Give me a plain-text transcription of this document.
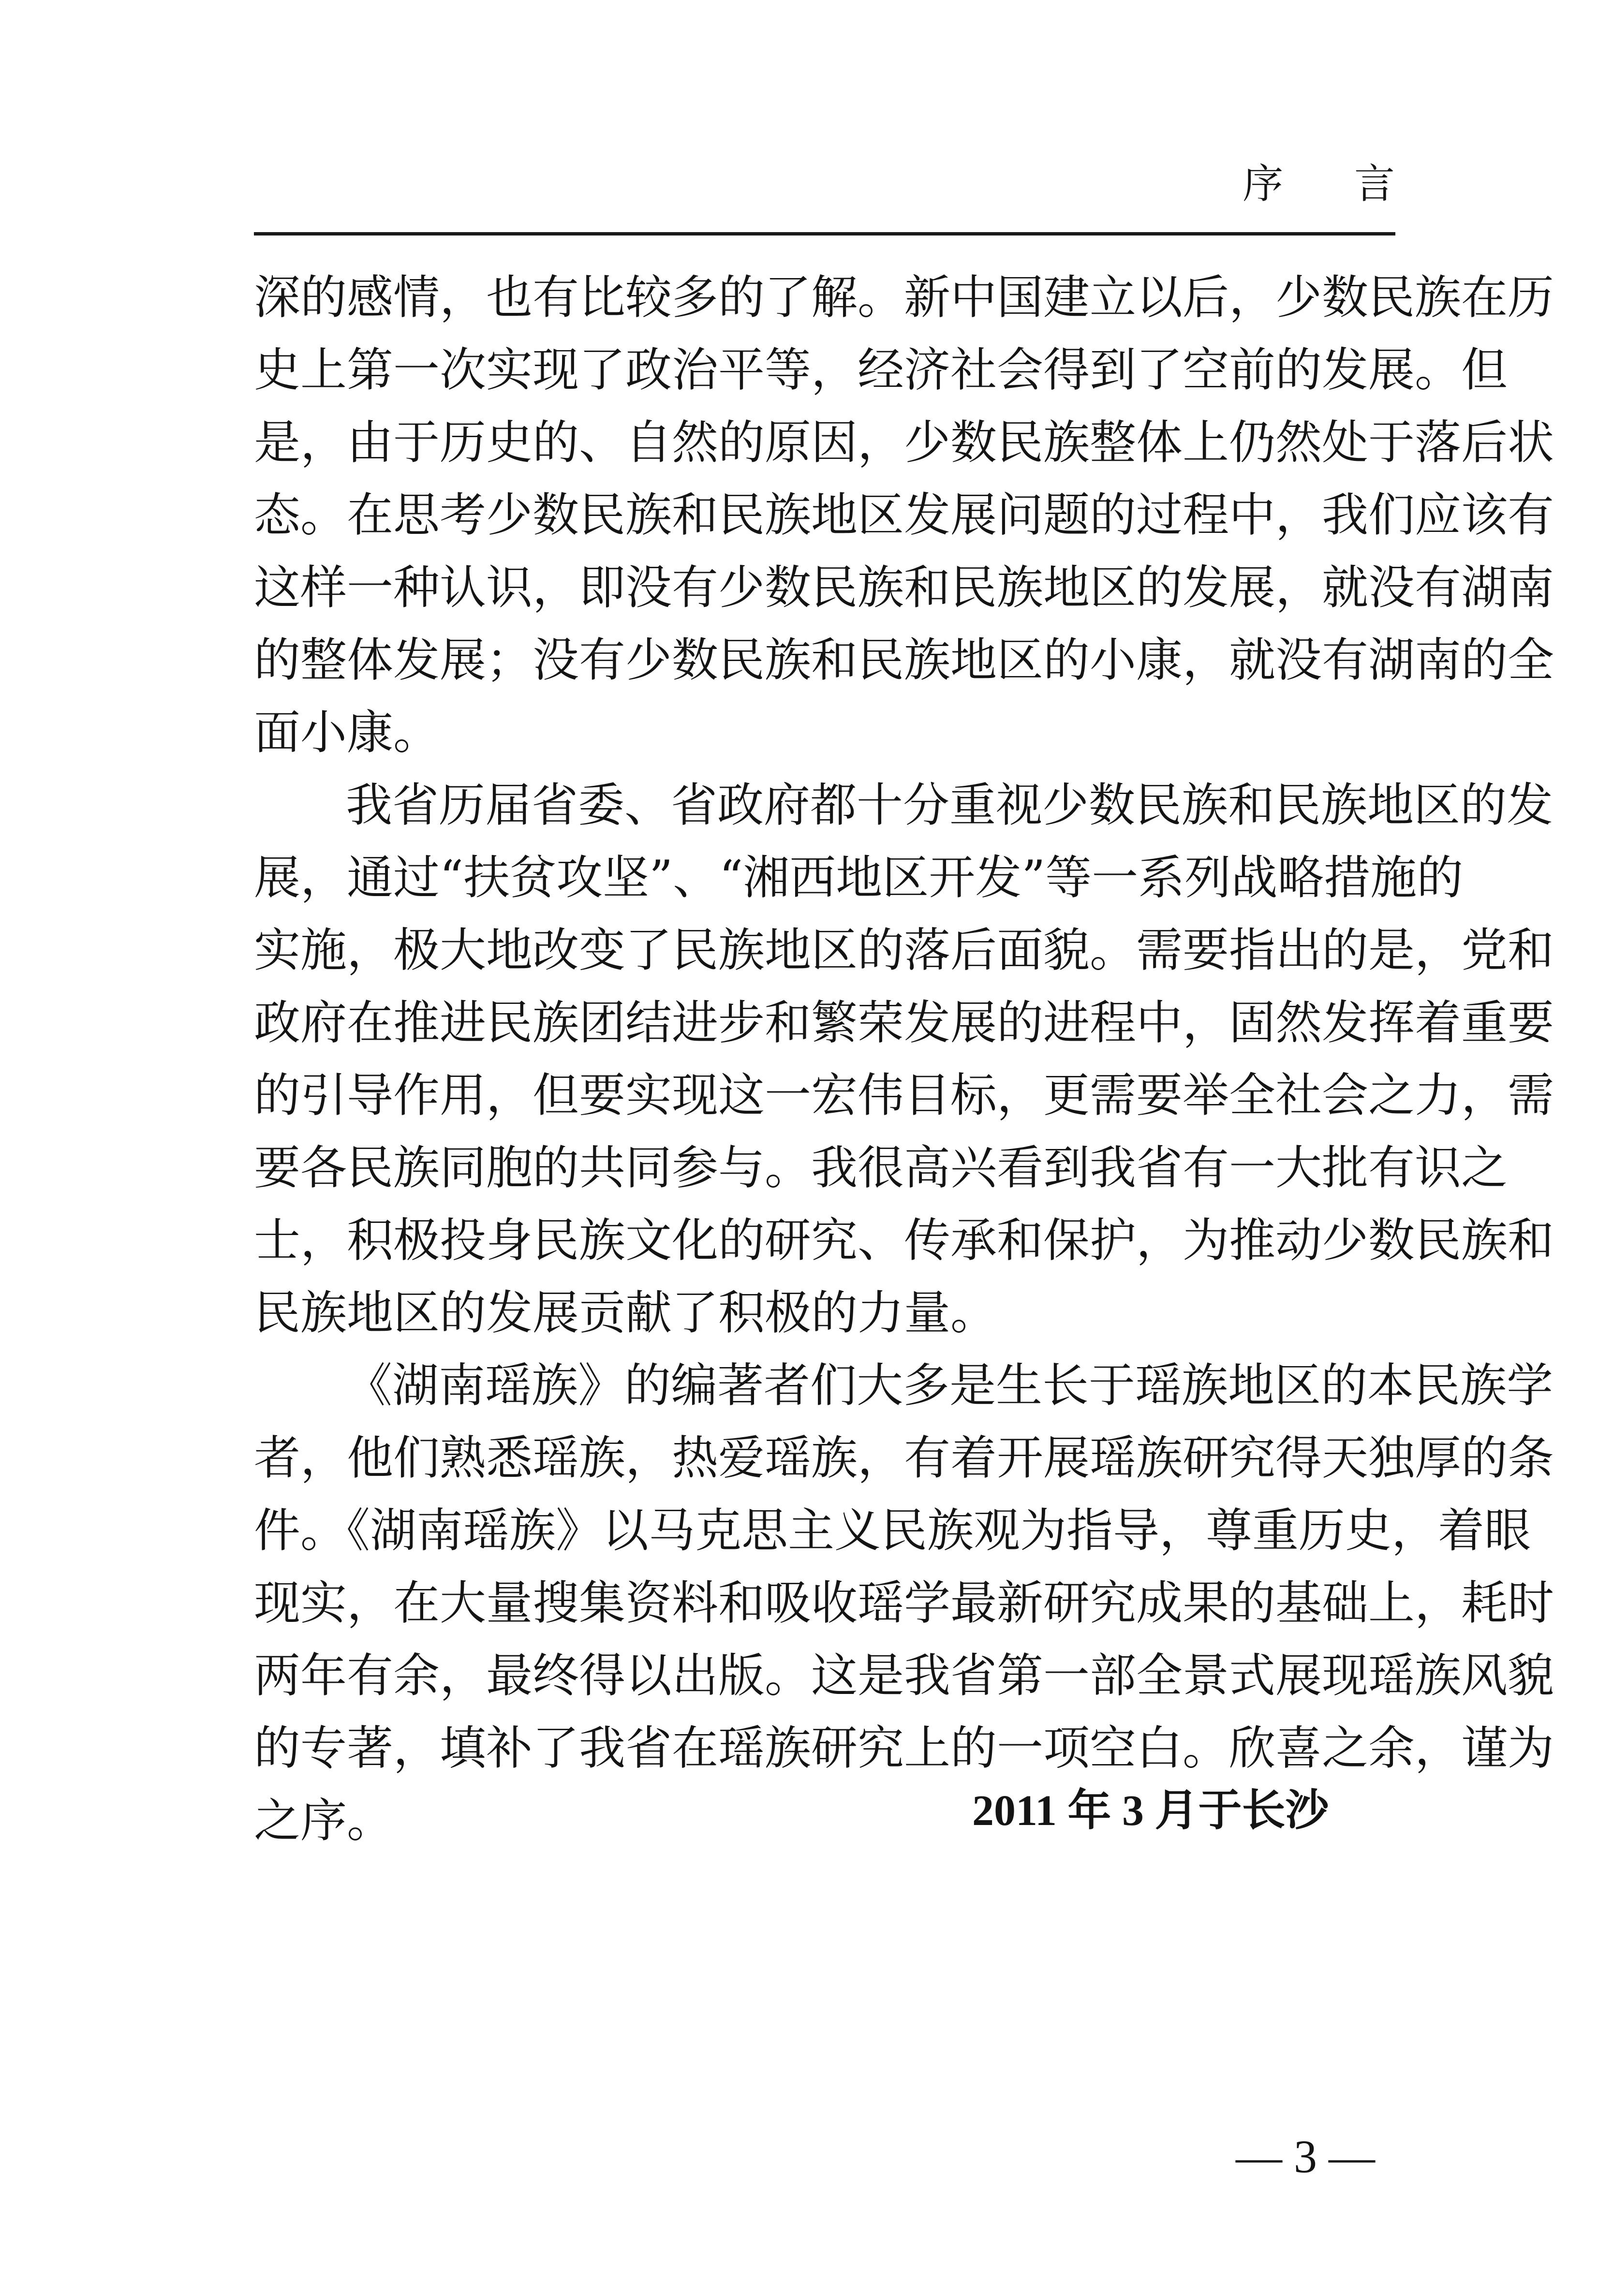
序 言
深的感情，也有比较多的了解。新中国建立以后，少数民族在历
史上第一次实现了政治平等，经济社会得到了空前的发展。但
是，由于历史的、自然的原因，少数民族整体上仍然处于落后状
态。在思考少数民族和民族地区发展问题的过程中，我们应该有
这样一种认识，即没有少数民族和民族地区的发展，就没有湖南
的整体发展；没有少数民族和民族地区的小康，就没有湖南的全
面小康。
我省历届省委、省政府都十分重视少数民族和民族地区的发
展，通过“扶贫攻坚”、“湘西地区开发”等一系列战略措施的
实施，极大地改变了民族地区的落后面貌。需要指出的是，党和
政府在推进民族团结进步和繁荣发展的进程中，固然发挥着重要
的引导作用，但要实现这一宏伟目标，更需要举全社会之力，需
要各民族同胞的共同参与。我很高兴看到我省有一大批有识之
士，积极投身民族文化的研究、传承和保护，为推动少数民族和
民族地区的发展贡献了积极的力量。
《湖南瑶族》的编著者们大多是生长于瑶族地区的本民族学
者，他们熟悉瑶族，热爱瑶族，有着开展瑶族研究得天独厚的条
件。《湖南瑶族》以马克思主义民族观为指导，尊重历史，着眼
现实，在大量搜集资料和吸收瑶学最新研究成果的基础上，耗时
两年有余，最终得以出版。这是我省第一部全景式展现瑶族风貌
的专著，填补了我省在瑶族研究上的一项空白。欣喜之余，谨为
之序。	2011 年 3 月于长沙
— 3 —
